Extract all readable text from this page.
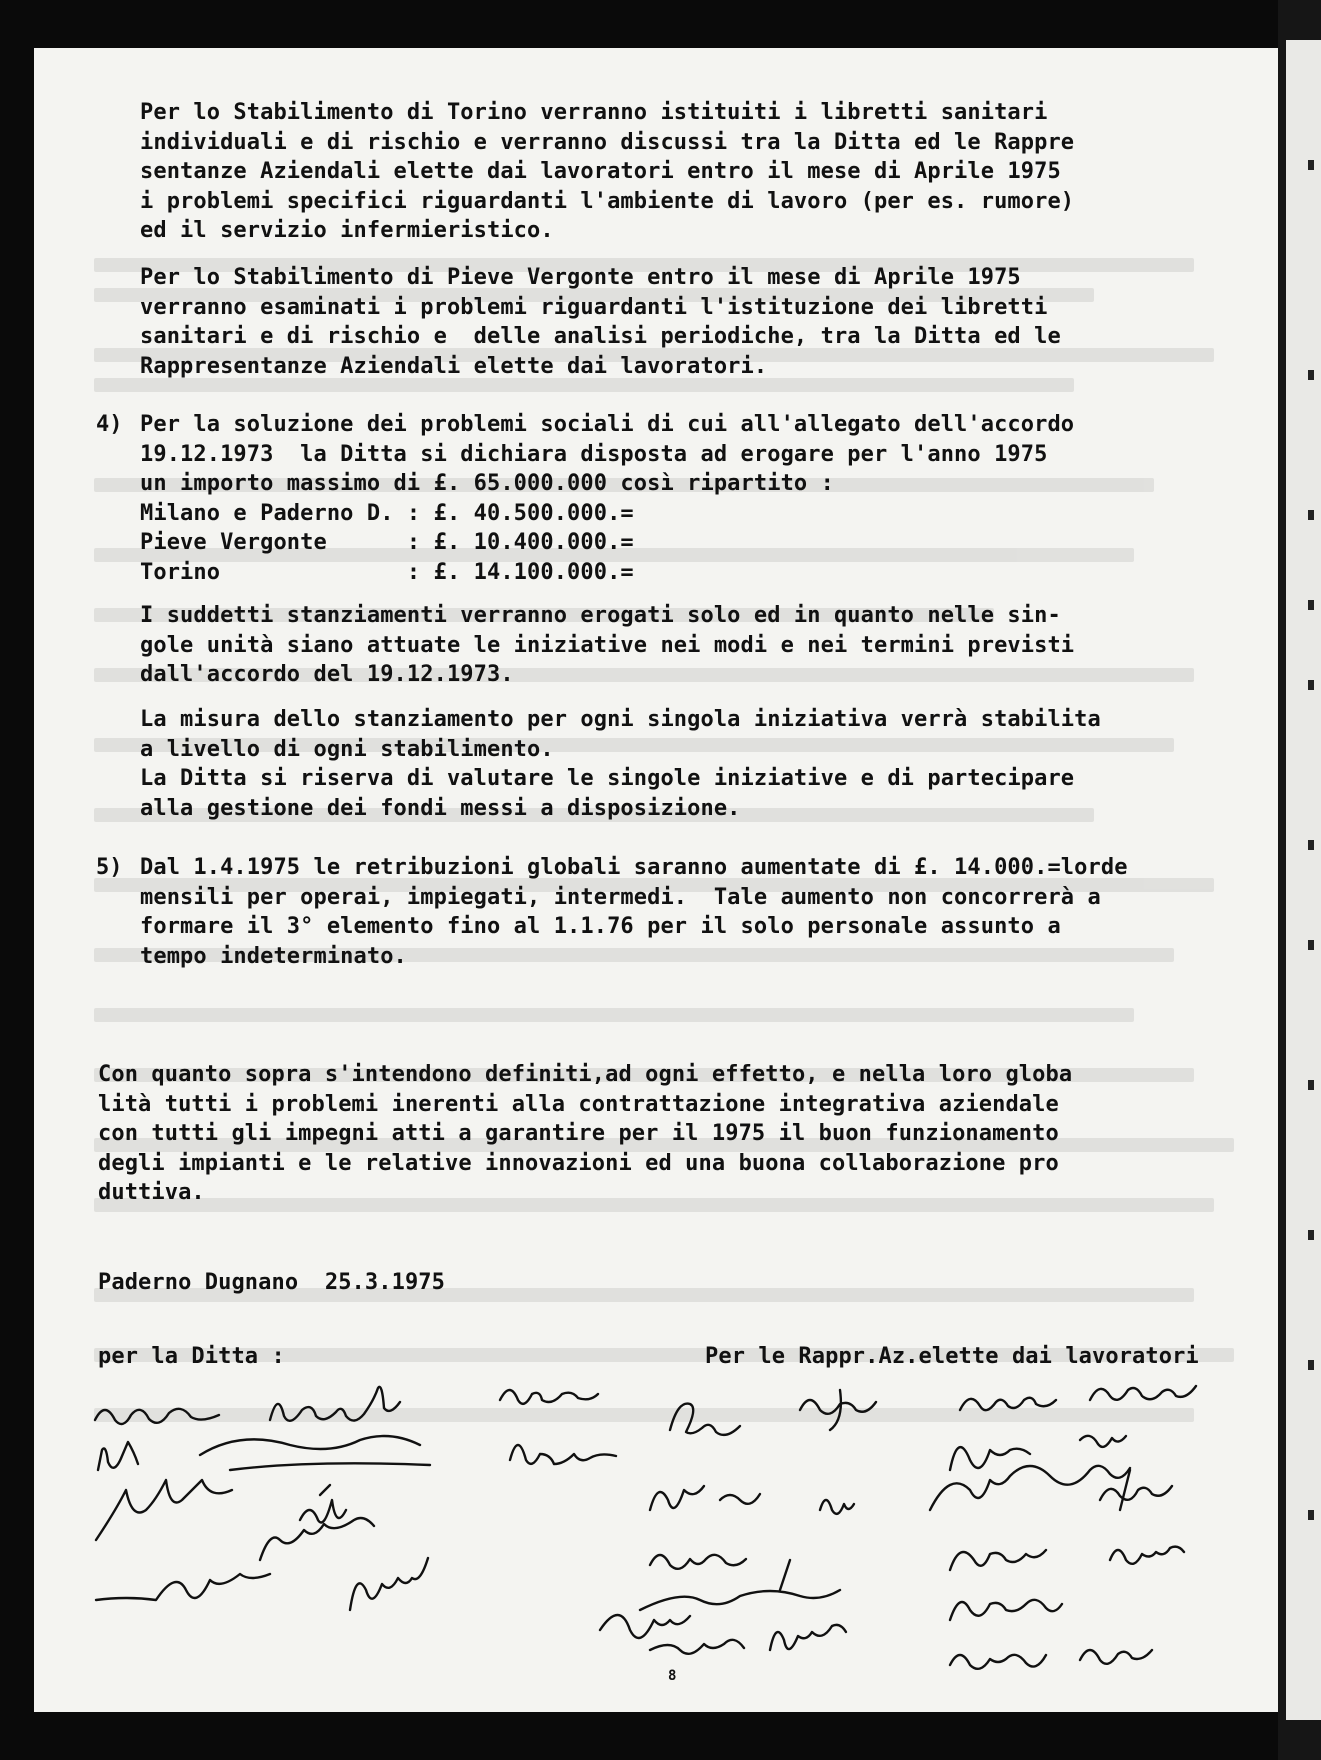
Per lo Stabilimento di Torino verranno istituiti i libretti sanitari
individuali e di rischio e verranno discussi tra la Ditta ed le Rappre
sentanze Aziendali elette dai lavoratori entro il mese di Aprile 1975
i problemi specifici riguardanti l'ambiente di lavoro (per es. rumore)
ed il servizio infermieristico.
Per lo Stabilimento di Pieve Vergonte entro il mese di Aprile 1975
verranno esaminati i problemi riguardanti l'istituzione dei libretti
sanitari e di rischio e  delle analisi periodiche, tra la Ditta ed le
Rappresentanze Aziendali elette dai lavoratori.
4) Per la soluzione dei problemi sociali di cui all'allegato dell'accordo
19.12.1973  la Ditta si dichiara disposta ad erogare per l'anno 1975
un importo massimo di £. 65.000.000 così ripartito :
Milano e Paderno D. : £. 40.500.000.=
Pieve Vergonte      : £. 10.400.000.=
Torino              : £. 14.100.000.=
I suddetti stanziamenti verranno erogati solo ed in quanto nelle sin-
gole unità siano attuate le iniziative nei modi e nei termini previsti
dall'accordo del 19.12.1973.
La misura dello stanziamento per ogni singola iniziativa verrà stabilita
a livello di ogni stabilimento.
La Ditta si riserva di valutare le singole iniziative e di partecipare
alla gestione dei fondi messi a disposizione.
5) Dal 1.4.1975 le retribuzioni globali saranno aumentate di £. 14.000.=lorde
mensili per operai, impiegati, intermedi.  Tale aumento non concorrerà a
formare il 3° elemento fino al 1.1.76 per il solo personale assunto a
tempo indeterminato.
Con quanto sopra s'intendono definiti,ad ogni effetto, e nella loro globa
lità tutti i problemi inerenti alla contrattazione integrativa aziendale
con tutti gli impegni atti a garantire per il 1975 il buon funzionamento
degli impianti e le relative innovazioni ed una buona collaborazione pro
duttiva.
Paderno Dugnano  25.3.1975
per la Ditta :	Per le Rappr.Az.elette dai lavoratori
8
